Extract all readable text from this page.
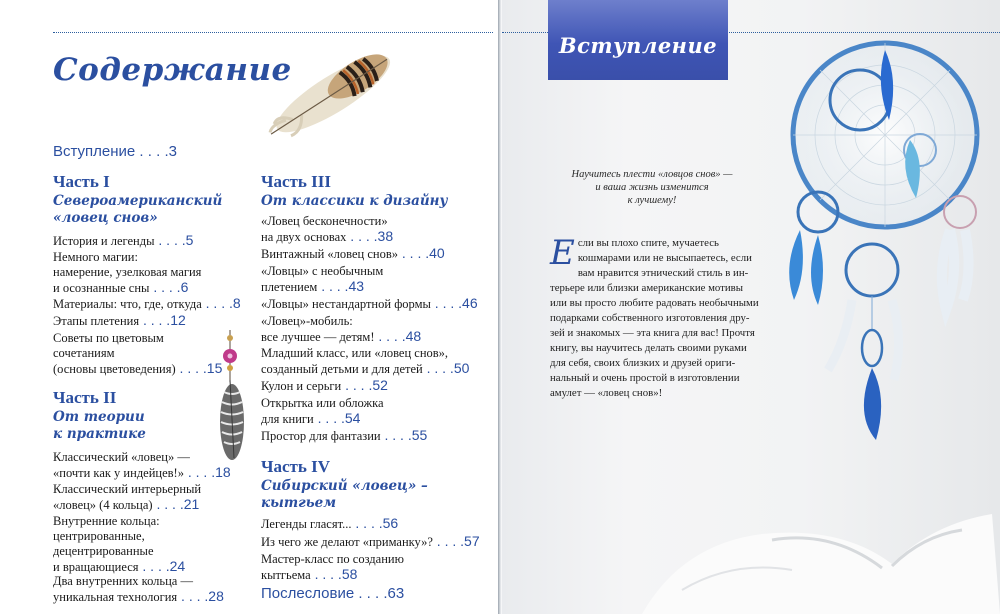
Содержание
Вступление . . . .3
Часть I
Североамериканский
«ловец снов»
История и легенды . . . .5
Немного магии:
намерение, узелковая магия
и осознанные сны . . . .6
Материалы: что, где, откуда . . . .8
Этапы плетения . . . .12
Советы по цветовым
сочетаниям
(основы цветоведения) . . . .15
Часть II
От теории
к практике
Классический «ловец» —
«почти как у индейцев!» . . . .18
Классический интерьерный
«ловец» (4 кольца) . . . .21
Внутренние кольца:
центрированные,
децентрированные
и вращающиеся . . . .24
Два внутренних кольца —
уникальная технология . . . .28
Часть III
От классики к дизайну
«Ловец бесконечности»
на двух основах . . . .38
Винтажный «ловец снов» . . . .40
«Ловцы» с необычным
плетением . . . .43
«Ловцы» нестандартной формы . . . .46
«Ловец»-мобиль:
все лучшее — детям! . . . .48
Младший класс, или «ловец снов»,
созданный детьми и для детей . . . .50
Кулон и серьги . . . .52
Открытка или обложка
для книги . . . .54
Простор для фантазии . . . .55
Часть IV
Сибирский «ловец» –
кытгьем
Легенды гласят... . . . .56
Из чего же делают «приманку»? . . . .57
Мастер-класс по созданию
кытгьема . . . .58
Послесловие . . . .63
Вступление
Научитесь плести «ловцов снов» —
и ваша жизнь изменится
к лучшему!
Е сли вы плохо спите, мучаетесь

кошмарами или не высыпаетесь, если

вам нравится этнический стиль в ин-

терьере или близки американские мотивы

или вы просто любите радовать необычными

подарками собственного изготовления дру-

зей и знакомых — эта книга для вас! Прочтя

книгу, вы научитесь делать своими руками

для себя, своих близких и друзей ориги-

нальный и очень простой в изготовлении

амулет — «ловец снов»!
